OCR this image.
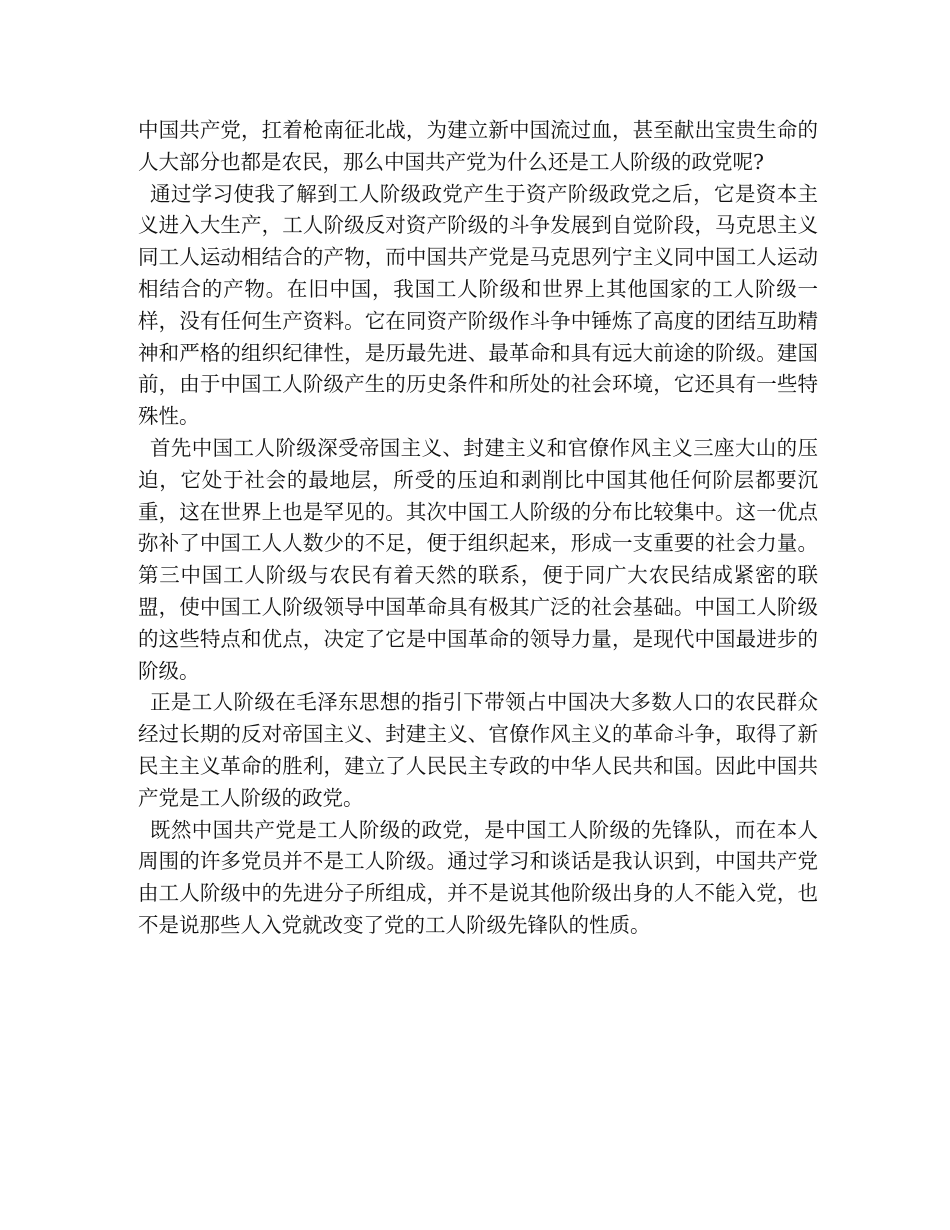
中国共产党，扛着枪南征北战，为建立新中国流过血，甚至献出宝贵生命的人大部分也都是农民，那么中国共产党为什么还是工人阶级的政党呢?

通过学习使我了解到工人阶级政党产生于资产阶级政党之后，它是资本主义进入大生产，工人阶级反对资产阶级的斗争发展到自觉阶段，马克思主义同工人运动相结合的产物，而中国共产党是马克思列宁主义同中国工人运动相结合的产物。在旧中国，我国工人阶级和世界上其他国家的工人阶级一样，没有任何生产资料。它在同资产阶级作斗争中锤炼了高度的团结互助精神和严格的组织纪律性，是历最先进、最革命和具有远大前途的阶级。建国前，由于中国工人阶级产生的历史条件和所处的社会环境，它还具有一些特殊性。

首先中国工人阶级深受帝国主义、封建主义和官僚作风主义三座大山的压迫，它处于社会的最地层，所受的压迫和剥削比中国其他任何阶层都要沉重，这在世界上也是罕见的。其次中国工人阶级的分布比较集中。这一优点弥补了中国工人人数少的不足，便于组织起来，形成一支重要的社会力量。第三中国工人阶级与农民有着天然的联系，便于同广大农民结成紧密的联盟，使中国工人阶级领导中国革命具有极其广泛的社会基础。中国工人阶级的这些特点和优点，决定了它是中国革命的领导力量，是现代中国最进步的阶级。

正是工人阶级在毛泽东思想的指引下带领占中国决大多数人口的农民群众经过长期的反对帝国主义、封建主义、官僚作风主义的革命斗争，取得了新民主主义革命的胜利，建立了人民民主专政的中华人民共和国。因此中国共产党是工人阶级的政党。

既然中国共产党是工人阶级的政党，是中国工人阶级的先锋队，而在本人周围的许多党员并不是工人阶级。通过学习和谈话是我认识到，中国共产党由工人阶级中的先进分子所组成，并不是说其他阶级出身的人不能入党，也不是说那些人入党就改变了党的工人阶级先锋队的性质。
